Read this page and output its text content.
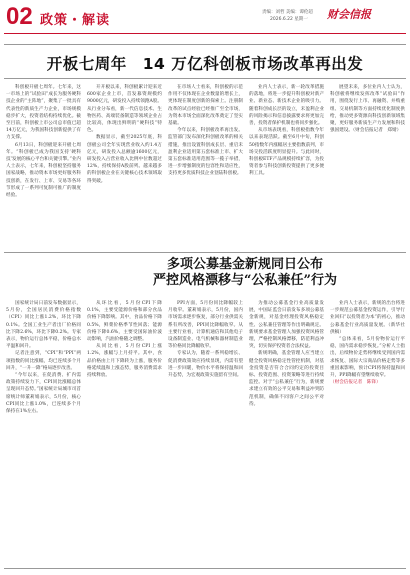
02 政策・解读
责编：刘哲 美编：谭伦超
2026.6.22 星期一 财会信报
开板七周年　14 万亿科创板市场改革再出发

科创板开板七周年。七年来，这一市场上的“试验田”成长为服务硬科技企业的“主阵地”，聚集了一批具有代表性的新质生产力企业，市场规模稳步扩大，投资者结构持续优化。截至目前，科创板上市公司总市值已超14万亿元，为我国科技创新提供了有力支撑。

6月13日，科创板迎来开板七周年。“科创板已成为我国支持‘硬科技’发展的核心平台和关键引擎。”业内人士表示，七年来，科创板坚持服务国家战略，推动资本市场更好服务科技创新，在发行、上市、交易等各环节形成了一系列可复制可推广的制度经验。

开开板以来，科创板累计迎来近600家企业上市，首发募资规模约9000亿元，研发投入持续领跑A股。从行业分布看，新一代信息技术、生物医药、高端装备制造等领域企业占比较高，体现出鲜明的“硬科技”特色。

数据显示，截至2025年底，科创板公司全年实现营业收入约1.4万亿元，研发投入总额逾1600亿元，研发投入占营业收入比例中位数超过12%，持续保持A股前列。越来越多的科创板企业在关键核心技术领域取得突破。

在市场人士看来，科创板的示范作用不仅体现在企业数量的增长上，更体现在制度创新的探索上。注册制改革的试点经验已经推广至全市场，为资本市场全面深化改革奠定了坚实基础。

今年以来，科创板改革再出发。监管部门发布深化科创板改革的相关措施，推出设置科创成长层、重启未盈利企业适用第五套标准上市、扩大第五套标准适用范围等一揽子举措，进一步增强制度的包容性和适应性，支持更多优质科技企业登陆科创板。

业内人士表示，新一轮改革措施的落地，将进一步提升科创板对新产业、新业态、新技术企业的吸引力。随着科创成长层的设立，未盈利企业的风险揭示和信息披露要求将更加完善，投资者保护机制也将同步强化。

从市场表现看，科创板指数今年以来表现活跃。截至6月中旬，科创50指数年内涨幅居主要指数前列，市场交投活跃度明显提升。与此同时，科创板ETF产品规模持续扩容，为投资者参与科技创新投资提供了更多便利工具。

展望未来，多位业内人士认为，科创板将继续发挥改革“试验田”作用，围绕发行上市、再融资、并购重组、交易机制等方面持续优化制度供给，推动更多资源向科技创新领域集聚，更好服务新质生产力发展和科技强国建设。（财会信报记者　郑婧）

多项公募基金新规同日公布
严控风格漂移与“公私兼任”行为

国家统计局日前发布数据显示，5月份，全国居民消费价格指数（CPI）同比上涨1.2%，环比下降0.1%。全国工业生产者出厂价格同比下降2.6%，环比下降0.2%。专家表示，物价运行总体平稳，价格总水平温和回升。

记者注意到，“CPI”和“PPI”两项指数的同比涨幅，均已连续多个月回升，“一升一降”格局逐步改善。

“今年以来，在促消费、扩内需政策持续发力下，CPI同比涨幅总体呈现回升态势。”国家统计局城市司首席统计师董莉娟表示，5月份，核心CPI同比上涨1.0%，已连续多个月保持在1%左右。

从环比看，5月份CPI下降0.1%，主要受能源价格和部分食品价格下降影响。其中，食品价格下降0.5%，鲜菜价格季节性回落；能源价格下降0.6%，主要受国际油价波动影响，汽油价格随之调整。

从同比看，5月份CPI上涨1.2%，涨幅与上月持平。其中，食品价格由上月下降转为上涨，服务价格延续温和上涨态势，服务消费需求持续释放。

PPI方面，5月份同比降幅较上月收窄。董莉娟表示，5月份，国内市场需求逐步恢复，部分行业供需关系有所改善，PPI同比降幅收窄。从主要行业看，计算机通信和其他电子设备制造业、电气机械和器材制造业等价格同比降幅收窄。

专家认为，随着一系列稳增长、促消费政策效应持续显现，内需有望进一步回暖，物价水平将保持温和回升态势，为宏观政策实施留有空间。

为推动公募基金行业高质量发展，中国证监会日前发布多项公募基金新规，对基金经理投资风格稳定性、公私兼任管理等作出明确规定。新规要求基金管理人加强投资风格管理，严格控制风格漂移，防范利益冲突，切实保护投资者合法权益。

新规明确，基金管理人应当建立健全投资风格稳定性管控机制，对基金投资是否符合合同约定的投资目标、投资范围、投资策略等进行持续监控。对于“公私兼任”行为，新规要求建立有效的公平交易和利益冲突防范机制，确保不同客户之间公平对待。

业内人士表示，新规的出台将进一步规范公募基金投资运作，引导行业回归“以投资者为本”的初心，推动公募基金行业高质量发展。（新华社供稿）

“总体来看，5月份物价运行平稳，国内需求稳步恢复。”分析人士指出，后续物价走势将继续受到国内需求恢复、国际大宗商品价格走势等多重因素影响，预计CPI将保持温和回升，PPI降幅有望继续收窄。

（财会信报记者　陈锋）
